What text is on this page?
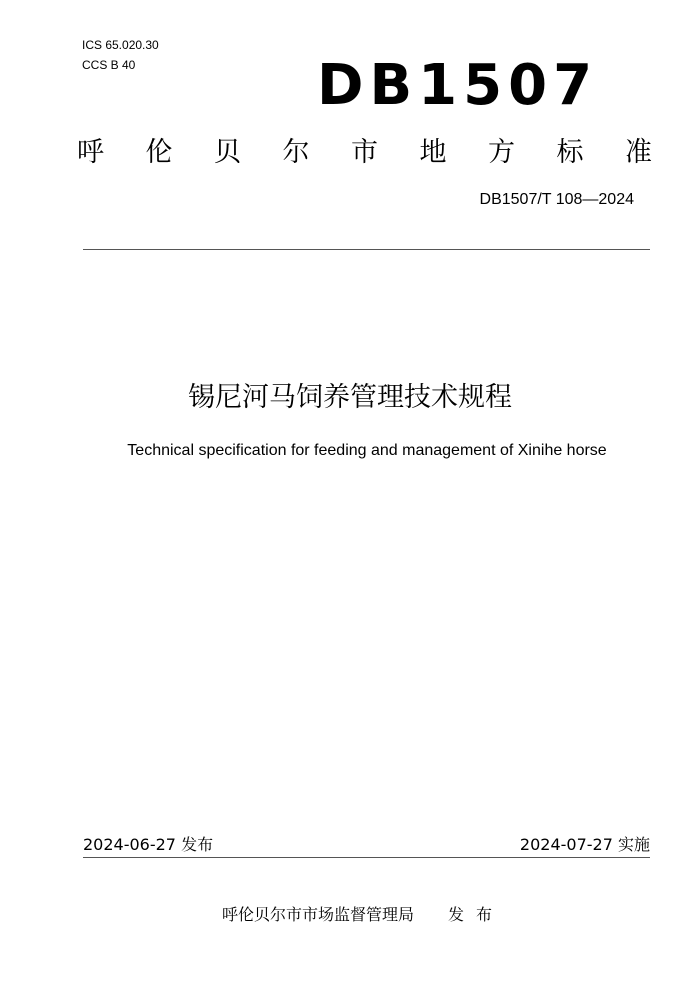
ICS 65.020.30
CCS B 40	DB1507
呼 伦 贝 尔 市 地 方 标 准
DB1507/T 108—2024
锡尼河马饲养管理技术规程
Technical specification for feeding and management of Xinihe horse
2024-06-27 发布	2024-07-27 实施
呼伦贝尔市市场监督管理局 发布
